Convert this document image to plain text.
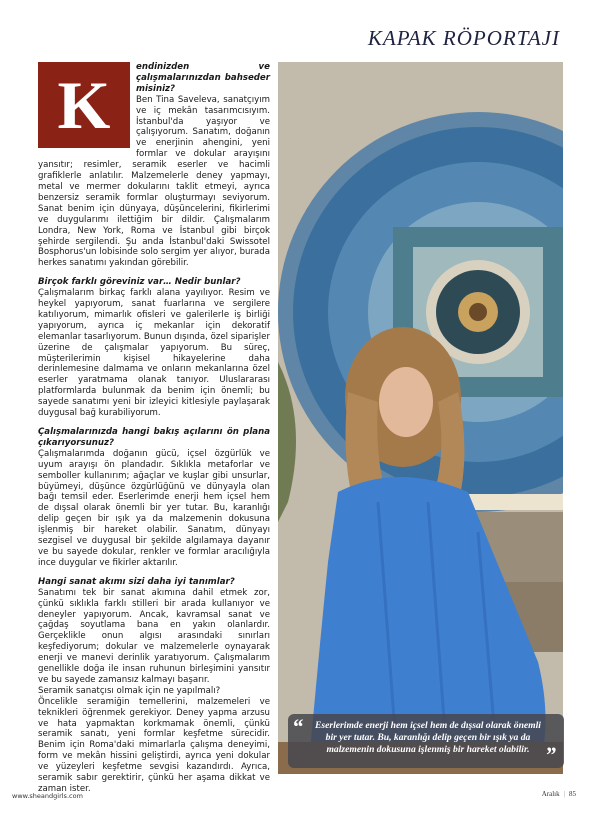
KAPAK RÖPORTAJI
K	endinizden ve çalışmalarınızdan bahseder misiniz?

Ben Tina Saveleva, sanatçıyım ve iç mekân tasarımcısıyım. İstanbul'da yaşıyor ve çalışıyorum. Sanatım, doğanın ve enerjinin ahengini, yeni formlar ve dokular arayışını yansıtır; resimler, seramik eserler ve hacimli grafiklerle anlatılır. Malzemelerle deney yapmayı, metal ve mermer dokularını taklit etmeyi, ayrıca benzersiz seramik formlar oluşturmayı seviyorum. Sanat benim için dünyaya, düşüncelerini, fikirlerimi ve duygularımı ilettiğim bir dildir. Çalışmalarım Londra, New York, Roma ve İstanbul gibi birçok şehirde sergilendi. Şu anda İstanbul'daki Swissotel Bosphorus'un lobisinde solo sergim yer alıyor, burada herkes sanatımı yakından görebilir.

Birçok farklı göreviniz var… Nedir bunlar?

Çalışmalarım birkaç farklı alana yayılıyor. Resim ve heykel yapıyorum, sanat fuarlarına ve sergilere katılıyorum, mimarlık ofisleri ve galerilerle iş birliği yapıyorum, ayrıca iç mekanlar için dekoratif elemanlar tasarlıyorum. Bunun dışında, özel siparişler üzerine de çalışmalar yapıyorum. Bu süreç, müşterilerimin kişisel hikayelerine daha derinlemesine dalmama ve onların mekanlarına özel eserler yaratmama olanak tanıyor. Uluslararası platformlarda bulunmak da benim için önemli; bu sayede sanatımı yeni bir izleyici kitlesiyle paylaşarak duygusal bağ kurabiliyorum.

Çalışmalarınızda hangi bakış açılarını ön plana çıkarıyorsunuz?

Çalışmalarımda doğanın gücü, içsel özgürlük ve uyum arayışı ön plandadır. Sıklıkla metaforlar ve semboller kullanırım; ağaçlar ve kuşlar gibi unsurlar, büyümeyi, düşünce özgürlüğünü ve dünyayla olan bağı temsil eder. Eserlerimde enerji hem içsel hem de dışsal olarak önemli bir yer tutar. Bu, karanlığı delip geçen bir ışık ya da malzemenin dokusuna işlenmiş bir hareket olabilir. Sanatım, dünyayı sezgisel ve duygusal bir şekilde algılamaya dayanır ve bu sayede dokular, renkler ve formlar aracılığıyla ince duygular ve fikirler aktarılır.

Hangi sanat akımı sizi daha iyi tanımlar?

Sanatımı tek bir sanat akımına dahil etmek zor, çünkü sıklıkla farklı stilleri bir arada kullanıyor ve deneyler yapıyorum. Ancak, kavramsal sanat ve çağdaş soyutlama bana en yakın olanlardır. Gerçeklikle onun algısı arasındaki sınırları keşfediyorum; dokular ve malzemelerle oynayarak enerji ve manevi derinlik yaratıyorum. Çalışmalarım genellikle doğa ile insan ruhunun birleşimini yansıtır ve bu sayede zamansız kalmayı başarır.

Seramik sanatçısı olmak için ne yapılmalı?

Öncelikle seramiğin temellerini, malzemeleri ve teknikleri öğrenmek gerekiyor. Deney yapma arzusu ve hata yapmaktan korkmamak önemli, çünkü seramik sanatı, yeni formlar keşfetme sürecidir. Benim için Roma'daki mimarlarla çalışma deneyimi, form ve mekân hissini geliştirdi, ayrıca yeni dokular ve yüzeyleri keşfetme sevgisi kazandırdı. Ayrıca, seramik sabır gerektirir, çünkü her aşama dikkat ve zaman ister.

“ Eserlerimde enerji hem içsel hem de dışsal olarak önemli bir yer tutar. Bu, karanlığı delip geçen bir ışık ya da malzemenin dokusuna işlenmiş bir hareket olabilir. ”
www.sheandgirls.com	Aralık | 85
